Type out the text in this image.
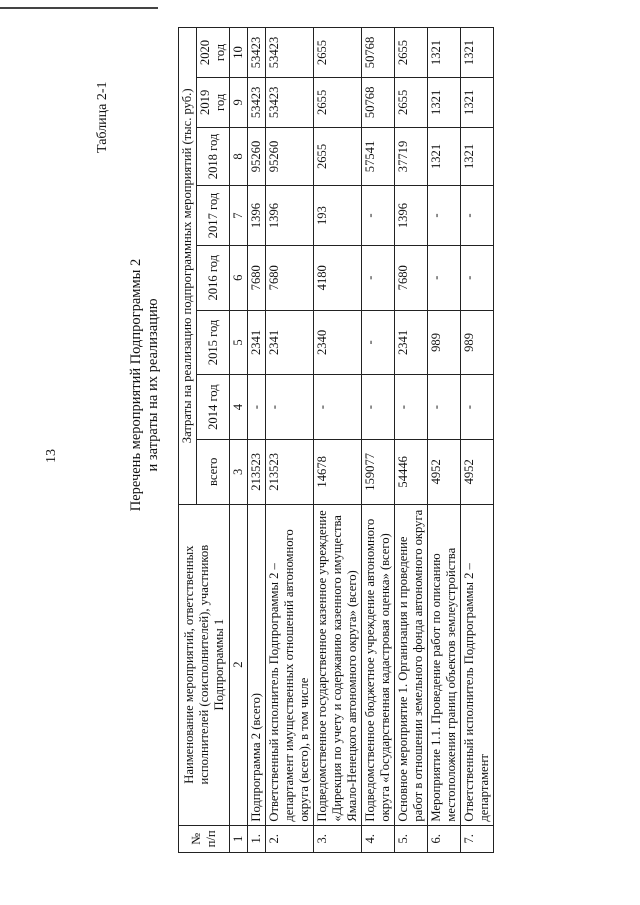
13
Таблица 2-1
Перечень мероприятий Подпрограммы 2 и затраты на их реализацию
№ п/п	Наименование мероприятий, ответственных исполнителей (соисполнителей), участников Подпрограммы 1	Затраты на реализацию подпрограммных мероприятий (тыс. руб.)							
		всего	2014 год	2015 год	2016 год	2017 год	2018 год	2019 год	2020 год
1	2	3	4	5	6	7	8	9	10
1.	Подпрограмма 2 (всего)	213523	-	2341	7680	1396	95260	53423	53423
2.	Ответственный исполнитель Подпрограммы 2 – департамент имущественных отношений автономного округа (всего), в том числе	213523	-	2341	7680	1396	95260	53423	53423
3.	Подведомственное государственное казенное учреждение «Дирекция по учету и содержанию казенного имущества Ямало-Ненецкого автономного округа» (всего)	14678	-	2340	4180	193	2655	2655	2655
4.	Подведомственное бюджетное учреждение автономного округа «Государственная кадастровая оценка» (всего)	159077	-	-	-	-	57541	50768	50768
5.	Основное мероприятие 1. Организация и проведение работ в отношении земельного фонда автономного округа	54446	-	2341	7680	1396	37719	2655	2655
6.	Мероприятие 1.1. Проведение работ по описанию местоположения границ объектов землеустройства	4952	-	989	-	-	1321	1321	1321
7.	Ответственный исполнитель Подпрограммы 2 – департамент	4952	-	989	-	-	1321	1321	1321
